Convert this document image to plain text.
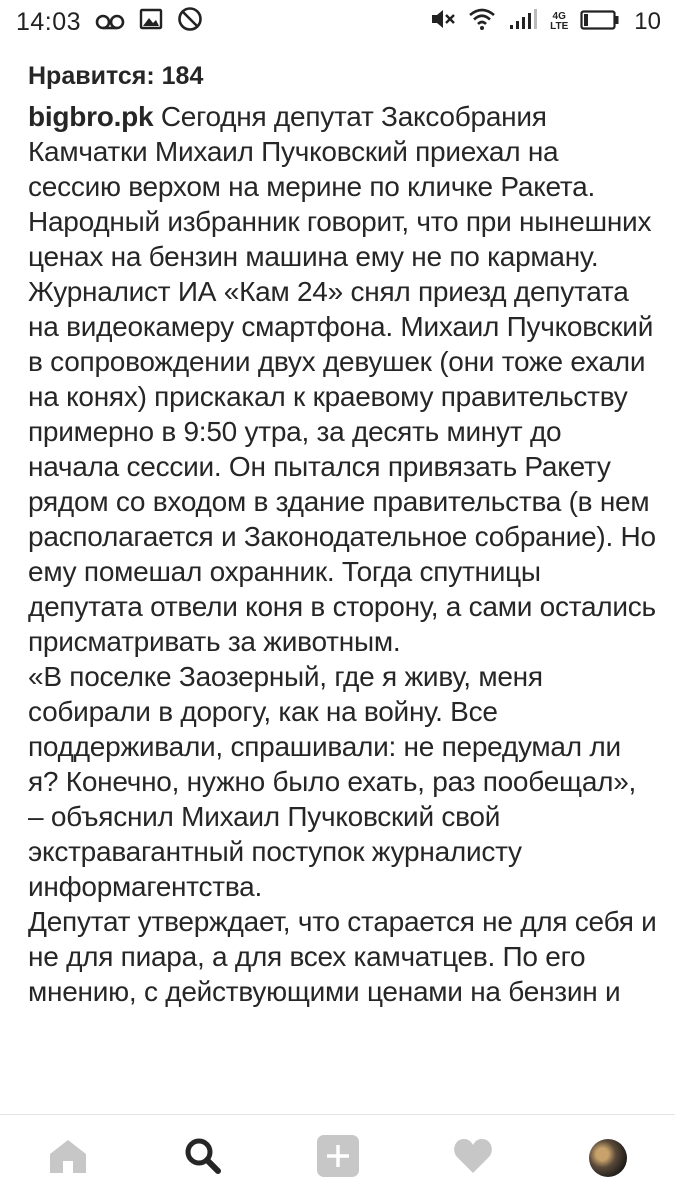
14:03	4G
LTE	10
Нравится: 184

bigbro.pk Сегодня депутат Заксобрания Камчатки Михаил Пучковский приехал на сессию верхом на мерине по кличке Ракета. Народный избранник говорит, что при нынешних ценах на бензин машина ему не по карману.
Журналист ИА «Кам 24» снял приезд депутата на видеокамеру смартфона. Михаил Пучковский в сопровождении двух девушек (они тоже ехали на конях) прискакал к краевому правительству примерно в 9:50 утра, за десять минут до начала сессии. Он пытался привязать Ракету рядом со входом в здание правительства (в нем располагается и Законодательное собрание). Но ему помешал охранник. Тогда спутницы депутата отвели коня в сторону, а сами остались присматривать за животным.
«В поселке Заозерный, где я живу, меня собирали в дорогу, как на войну. Все поддерживали, спрашивали: не передумал ли я? Конечно, нужно было ехать, раз пообещал», – объяснил Михаил Пучковский свой экстравагантный поступок журналисту информагентства.
Депутат утверждает, что старается не для себя и не для пиара, а для всех камчатцев. По его мнению, с действующими ценами на бензин и
